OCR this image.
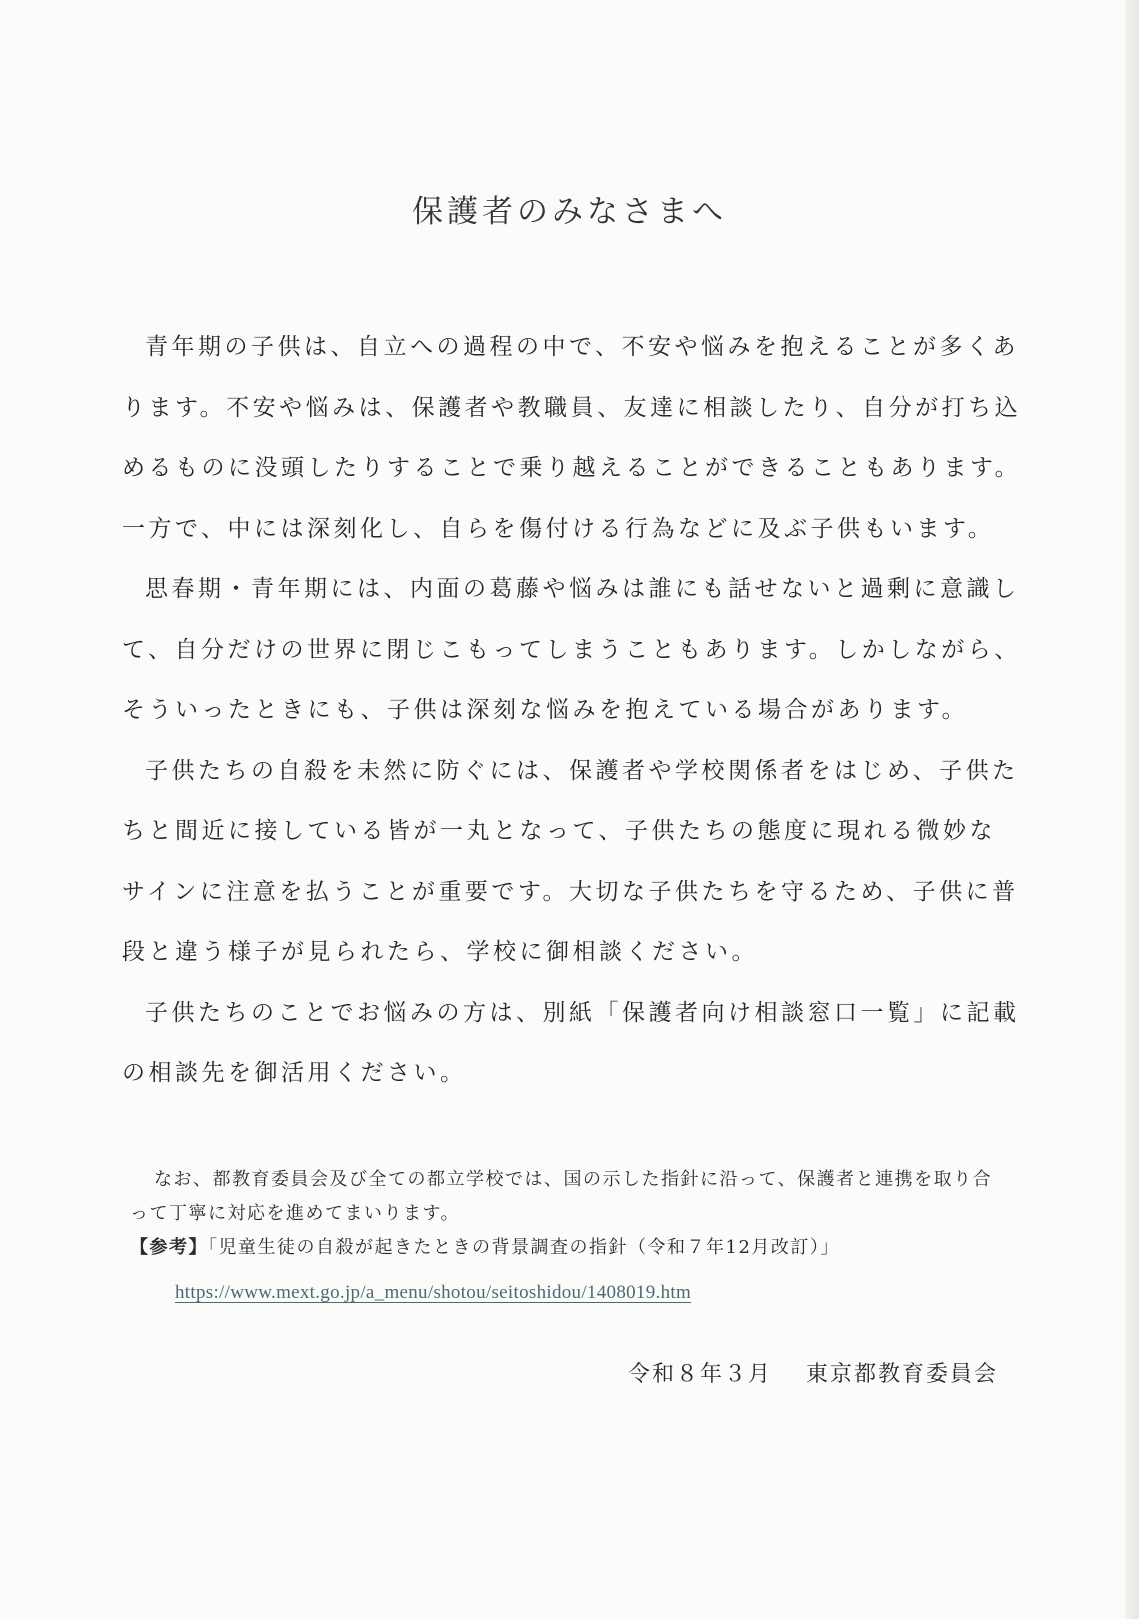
保護者のみなさまへ

青年期の子供は、自立への過程の中で、不安や悩みを抱えることが多くあります。不安や悩みは、保護者や教職員、友達に相談したり、自分が打ち込めるものに没頭したりすることで乗り越えることができることもあります。一方で、中には深刻化し、自らを傷付ける行為などに及ぶ子供もいます。

思春期・青年期には、内面の葛藤や悩みは誰にも話せないと過剰に意識して、自分だけの世界に閉じこもってしまうこともあります。しかしながら、そういったときにも、子供は深刻な悩みを抱えている場合があります。

子供たちの自殺を未然に防ぐには、保護者や学校関係者をはじめ、子供たちと間近に接している皆が一丸となって、子供たちの態度に現れる微妙なサインに注意を払うことが重要です。大切な子供たちを守るため、子供に普段と違う様子が見られたら、学校に御相談ください。

子供たちのことでお悩みの方は、別紙「保護者向け相談窓口一覧」に記載の相談先を御活用ください。

なお、都教育委員会及び全ての都立学校では、国の示した指針に沿って、保護者と連携を取り合って丁寧に対応を進めてまいります。

【参考】「児童生徒の自殺が起きたときの背景調査の指針（令和７年12月改訂）」

https://www.mext.go.jp/a_menu/shotou/seitoshidou/1408019.htm
令和８年３月 東京都教育委員会
